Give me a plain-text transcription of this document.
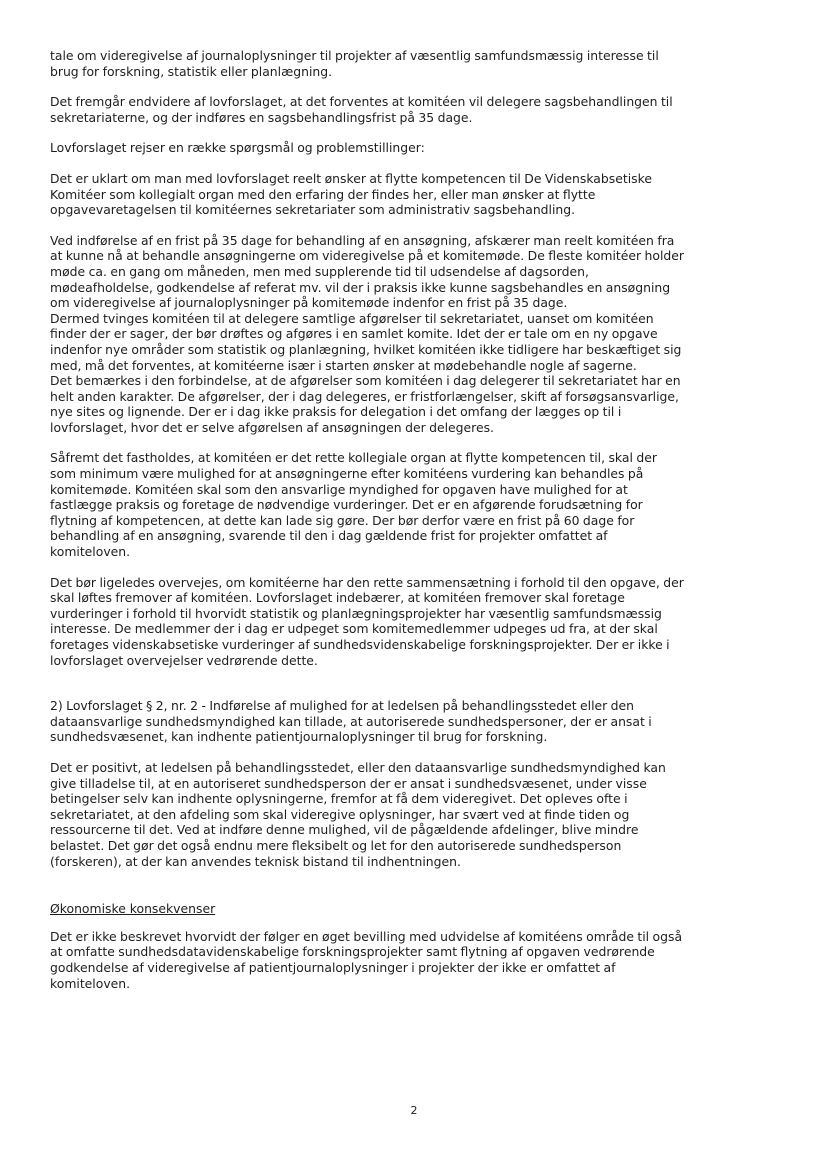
tale om videregivelse af journaloplysninger til projekter af væsentlig samfundsmæssig interesse til
brug for forskning, statistik eller planlægning.
Det fremgår endvidere af lovforslaget, at det forventes at komitéen vil delegere sagsbehandlingen til
sekretariaterne, og der indføres en sagsbehandlingsfrist på 35 dage.
Lovforslaget rejser en række spørgsmål og problemstillinger:
Det er uklart om man med lovforslaget reelt ønsker at flytte kompetencen til De Videnskabsetiske
Komitéer som kollegialt organ med den erfaring der findes her, eller man ønsker at flytte
opgavevaretagelsen til komitéernes sekretariater som administrativ sagsbehandling.
Ved indførelse af en frist på 35 dage for behandling af en ansøgning, afskærer man reelt komitéen fra
at kunne nå at behandle ansøgningerne om videregivelse på et komitemøde. De fleste komitéer holder
møde ca. en gang om måneden, men med supplerende tid til udsendelse af dagsorden,
mødeafholdelse, godkendelse af referat mv. vil der i praksis ikke kunne sagsbehandles en ansøgning
om videregivelse af journaloplysninger på komitemøde indenfor en frist på 35 dage.
Dermed tvinges komitéen til at delegere samtlige afgørelser til sekretariatet, uanset om komitéen
finder der er sager, der bør drøftes og afgøres i en samlet komite. Idet der er tale om en ny opgave
indenfor nye områder som statistik og planlægning, hvilket komitéen ikke tidligere har beskæftiget sig
med, må det forventes, at komitéerne især i starten ønsker at mødebehandle nogle af sagerne.
Det bemærkes i den forbindelse, at de afgørelser som komitéen i dag delegerer til sekretariatet har en
helt anden karakter. De afgørelser, der i dag delegeres, er fristforlængelser, skift af forsøgsansvarlige,
nye sites og lignende. Der er i dag ikke praksis for delegation i det omfang der lægges op til i
lovforslaget, hvor det er selve afgørelsen af ansøgningen der delegeres.
Såfremt det fastholdes, at komitéen er det rette kollegiale organ at flytte kompetencen til, skal der
som minimum være mulighed for at ansøgningerne efter komitéens vurdering kan behandles på
komitemøde. Komitéen skal som den ansvarlige myndighed for opgaven have mulighed for at
fastlægge praksis og foretage de nødvendige vurderinger. Det er en afgørende forudsætning for
flytning af kompetencen, at dette kan lade sig gøre. Der bør derfor være en frist på 60 dage for
behandling af en ansøgning, svarende til den i dag gældende frist for projekter omfattet af
komiteloven.
Det bør ligeledes overvejes, om komitéerne har den rette sammensætning i forhold til den opgave, der
skal løftes fremover af komitéen. Lovforslaget indebærer, at komitéen fremover skal foretage
vurderinger i forhold til hvorvidt statistik og planlægningsprojekter har væsentlig samfundsmæssig
interesse. De medlemmer der i dag er udpeget som komitemedlemmer udpeges ud fra, at der skal
foretages videnskabsetiske vurderinger af sundhedsvidenskabelige forskningsprojekter. Der er ikke i
lovforslaget overvejelser vedrørende dette.
2) Lovforslaget § 2, nr. 2 - Indførelse af mulighed for at ledelsen på behandlingsstedet eller den
dataansvarlige sundhedsmyndighed kan tillade, at autoriserede sundhedspersoner, der er ansat i
sundhedsvæsenet, kan indhente patientjournaloplysninger til brug for forskning.
Det er positivt, at ledelsen på behandlingsstedet, eller den dataansvarlige sundhedsmyndighed kan
give tilladelse til, at en autoriseret sundhedsperson der er ansat i sundhedsvæsenet, under visse
betingelser selv kan indhente oplysningerne, fremfor at få dem videregivet. Det opleves ofte i
sekretariatet, at den afdeling som skal videregive oplysninger, har svært ved at finde tiden og
ressourcerne til det. Ved at indføre denne mulighed, vil de pågældende afdelinger, blive mindre
belastet. Det gør det også endnu mere fleksibelt og let for den autoriserede sundhedsperson
(forskeren), at der kan anvendes teknisk bistand til indhentningen.
Økonomiske konsekvenser
Det er ikke beskrevet hvorvidt der følger en øget bevilling med udvidelse af komitéens område til også
at omfatte sundhedsdatavidenskabelige forskningsprojekter samt flytning af opgaven vedrørende
godkendelse af videregivelse af patientjournaloplysninger i projekter der ikke er omfattet af
komiteloven.
2
